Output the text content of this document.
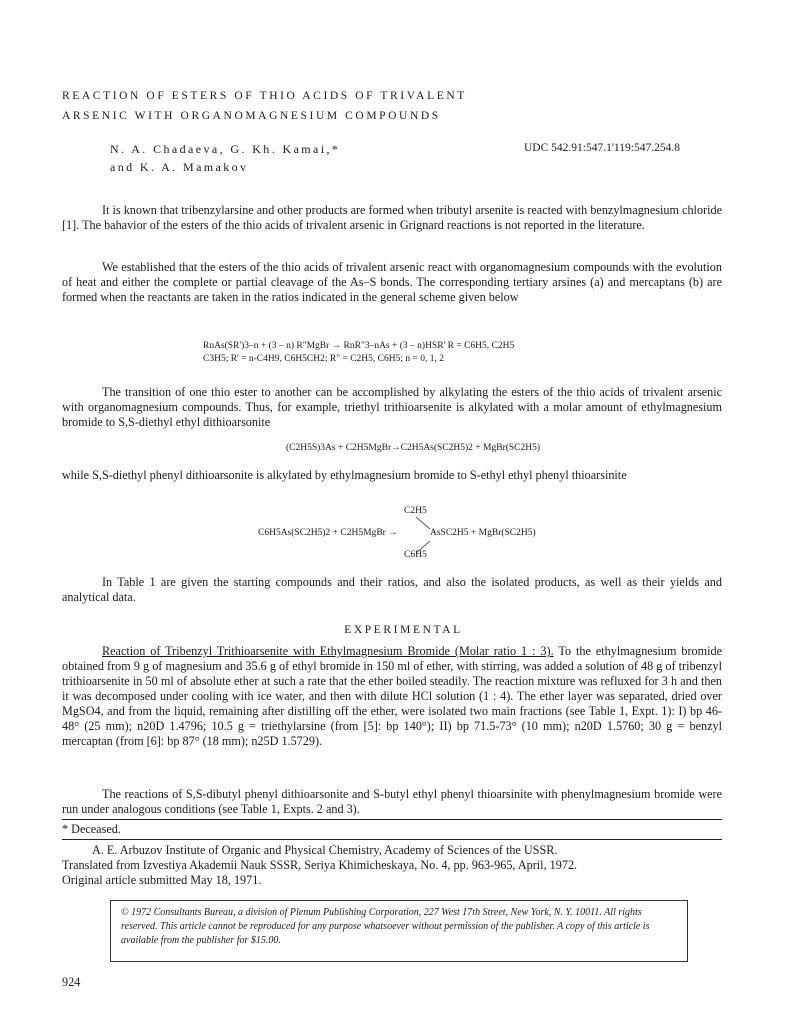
REACTION OF ESTERS OF THIO ACIDS OF TRIVALENT
ARSENIC WITH ORGANOMAGNESIUM COMPOUNDS
N. A. Chadaeva, G. Kh. Kamai,*
and K. A. Mamakov
UDC 542.91:547.1'119:547.254.8

It is known that tribenzylarsine and other products are formed when tributyl arsenite is reacted with benzylmagnesium chloride [1]. The bahavior of the esters of the thio acids of trivalent arsenic in Grignard reactions is not reported in the literature.

We established that the esters of the thio acids of trivalent arsenic react with organomagnesium compounds with the evolution of heat and either the complete or partial cleavage of the As–S bonds. The corresponding tertiary arsines (a) and mercaptans (b) are formed when the reactants are taken in the ratios indicated in the general scheme given below

RnAs(SR')3–n + (3 – n) R"MgBr → RnR"3–nAs + (3 – n)HSR' R = C6H5, C2H5
C3H5; R' = n-C4H9, C6H5CH2; R" = C2H5, C6H5; n = 0, 1, 2

The transition of one thio ester to another can be accomplished by alkylating the esters of the thio acids of trivalent arsenic with organomagnesium compounds. Thus, for example, triethyl trithioarsenite is alkylated with a molar amount of ethylmagnesium bromide to S,S-diethyl ethyl dithioarsonite

(C2H5S)3As + C2H5MgBr→C2H5As(SC2H5)2 + MgBr(SC2H5)

while S,S-diethyl phenyl dithioarsonite is alkylated by ethylmagnesium bromide to S-ethyl ethyl phenyl thioarsinite

C2H5
C6H5As(SC2H5)2 + C2H5MgBr →	AsSC2H5 + MgBr(SC2H5)
C6H5

In Table 1 are given the starting compounds and their ratios, and also the isolated products, as well as their yields and analytical data.

EXPERIMENTAL

Reaction of Tribenzyl Trithioarsenite with Ethylmagnesium Bromide (Molar ratio 1 : 3). To the ethylmagnesium bromide obtained from 9 g of magnesium and 35.6 g of ethyl bromide in 150 ml of ether, with stirring, was added a solution of 48 g of tribenzyl trithioarsenite in 50 ml of absolute ether at such a rate that the ether boiled steadily. The reaction mixture was refluxed for 3 h and then it was decomposed under cooling with ice water, and then with dilute HCl solution (1 : 4). The ether layer was separated, dried over MgSO4, and from the liquid, remaining after distilling off the ether, were isolated two main fractions (see Table 1, Expt. 1): I) bp 46-48° (25 mm); n20D 1.4796; 10.5 g = triethylarsine (from [5]: bp 140°); II) bp 71.5-73° (10 mm); n20D 1.5760; 30 g = benzyl mercaptan (from [6]: bp 87° (18 mm); n25D 1.5729).

The reactions of S,S-dibutyl phenyl dithioarsonite and S-butyl ethyl phenyl thioarsinite with phenylmagnesium bromide were run under analogous conditions (see Table 1, Expts. 2 and 3).

* Deceased.
A. E. Arbuzov Institute of Organic and Physical Chemistry, Academy of Sciences of the USSR.
Translated from Izvestiya Akademii Nauk SSSR, Seriya Khimicheskaya, No. 4, pp. 963-965, April, 1972.
Original article submitted May 18, 1971.
© 1972 Consultants Bureau, a division of Plenum Publishing Corporation, 227 West 17th Street, New York, N. Y. 10011. All rights reserved. This article cannot be reproduced for any purpose whatsoever without permission of the publisher. A copy of this article is available from the publisher for $15.00.
924
